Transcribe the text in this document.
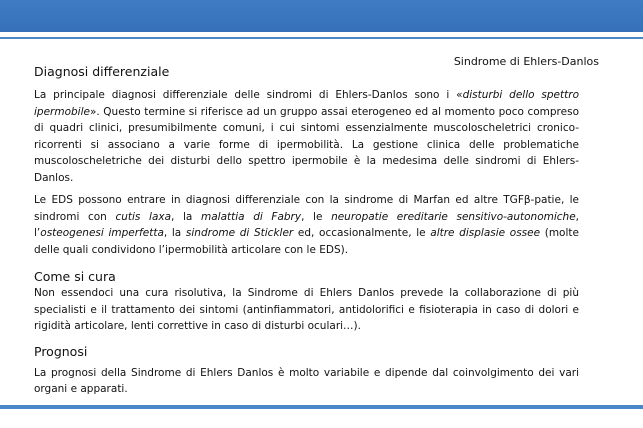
Sindrome di Ehlers-Danlos
Diagnosi differenziale

La principale diagnosi differenziale delle sindromi di Ehlers-Danlos sono i «disturbi dello spettro ipermobile». Questo termine si riferisce ad un gruppo assai eterogeneo ed al momento poco compreso di quadri clinici, presumibilmente comuni, i cui sintomi essenzialmente muscoloscheletrici cronico-ricorrenti si associano a varie forme di ipermobilità. La gestione clinica delle problematiche muscoloscheletriche dei disturbi dello spettro ipermobile è la medesima delle sindromi di Ehlers-Danlos.

Le EDS possono entrare in diagnosi differenziale con la sindrome di Marfan ed altre TGFβ-patie, le sindromi con cutis laxa, la malattia di Fabry, le neuropatie ereditarie sensitivo-autonomiche, l’osteogenesi imperfetta, la sindrome di Stickler ed, occasionalmente, le altre displasie ossee (molte delle quali condividono l’ipermobilità articolare con le EDS).

Come si cura

Non essendoci una cura risolutiva, la Sindrome di Ehlers Danlos prevede la collaborazione di più specialisti e il trattamento dei sintomi (antinfiammatori, antidolorifici e fisioterapia in caso di dolori e rigidità articolare, lenti correttive in caso di disturbi oculari…).

Prognosi

La prognosi della Sindrome di Ehlers Danlos è molto variabile e dipende dal coinvolgimento dei vari organi e apparati.
